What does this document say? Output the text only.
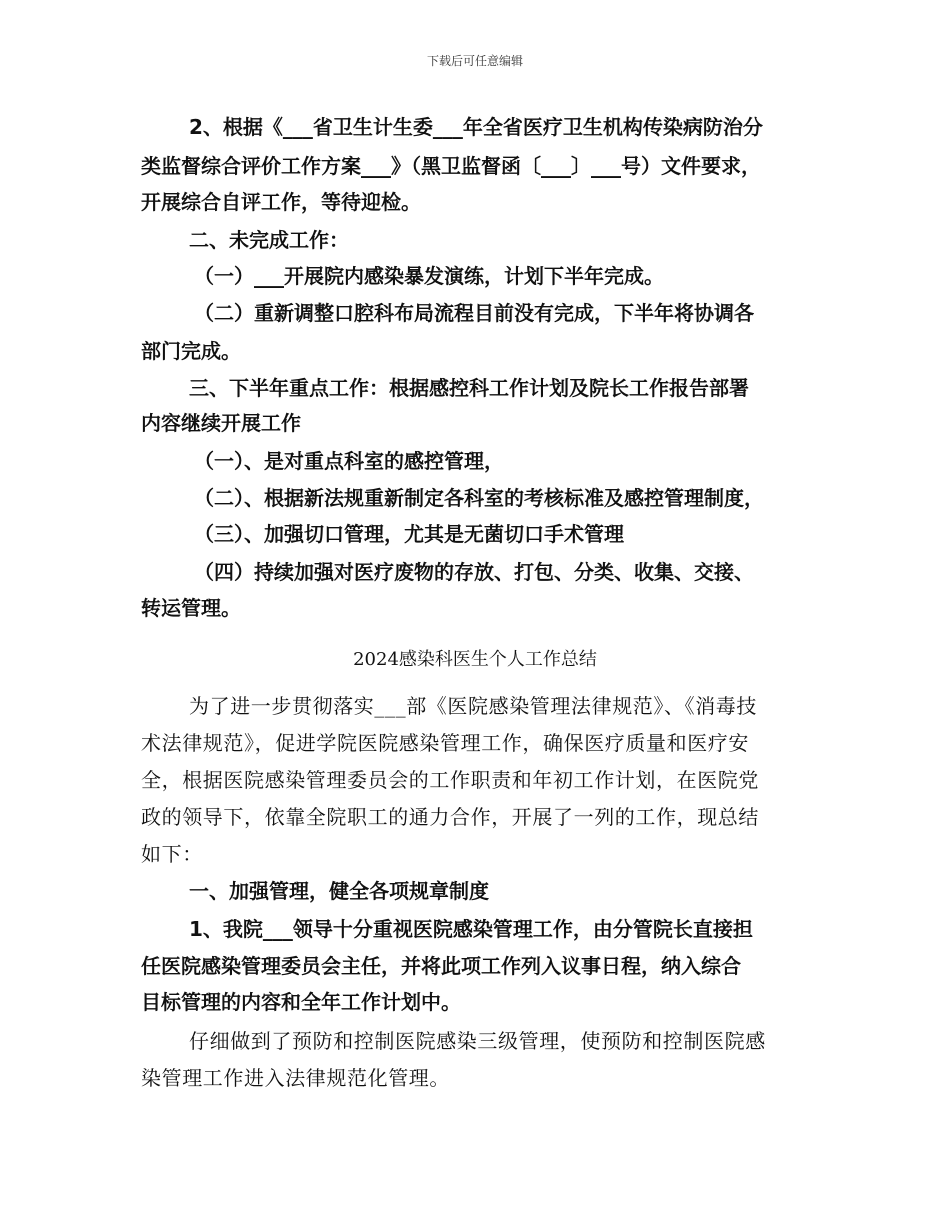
下载后可任意编辑
2、根据《___省卫生计生委___年全省医疗卫生机构传染病防治分
类监督综合评价工作方案___》（黑卫监督函〔___〕___号）文件要求，
开展综合自评工作，等待迎检。
二、未完成工作：
（一）___开展院内感染暴发演练，计划下半年完成。
（二）重新调整口腔科布局流程目前没有完成，下半年将协调各
部门完成。
三、下半年重点工作：根据感控科工作计划及院长工作报告部署
内容继续开展工作
（一）、是对重点科室的感控管理，
（二）、根据新法规重新制定各科室的考核标准及感控管理制度，
（三）、加强切口管理，尤其是无菌切口手术管理
（四）持续加强对医疗废物的存放、打包、分类、收集、交接、
转运管理。
2024感染科医生个人工作总结
为了进一步贯彻落实___部《医院感染管理法律规范》、《消毒技
术法律规范》，促进学院医院感染管理工作，确保医疗质量和医疗安
全，根据医院感染管理委员会的工作职责和年初工作计划，在医院党
政的领导下，依靠全院职工的通力合作，开展了一列的工作，现总结
如下：
一、加强管理，健全各项规章制度
1、我院___领导十分重视医院感染管理工作，由分管院长直接担
任医院感染管理委员会主任，并将此项工作列入议事日程，纳入综合
目标管理的内容和全年工作计划中。
仔细做到了预防和控制医院感染三级管理，使预防和控制医院感
染管理工作进入法律规范化管理。
